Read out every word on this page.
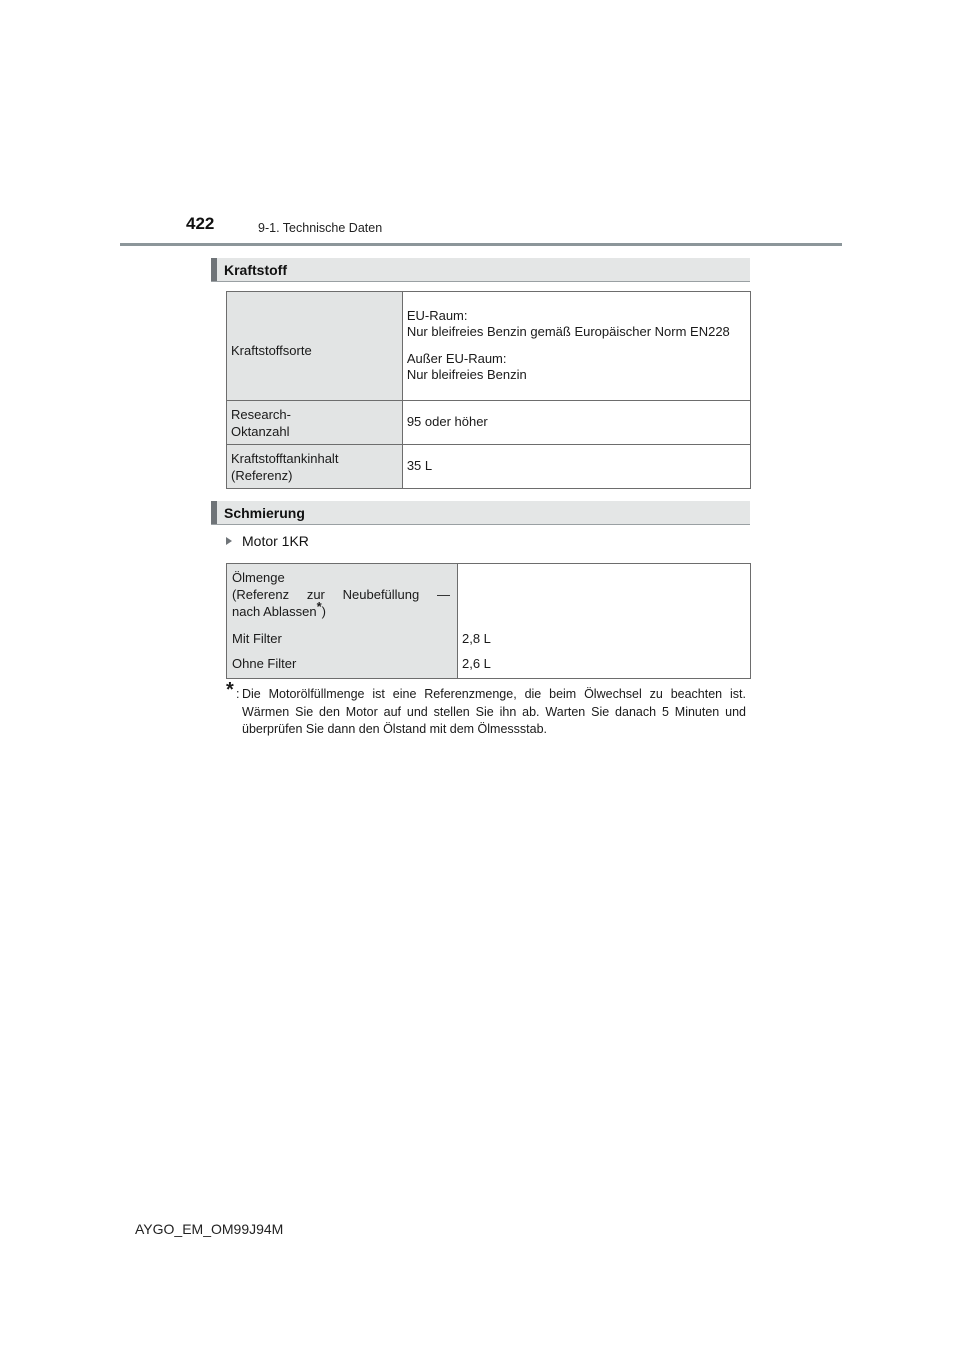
422	9-1. Technische Daten
Kraftstoff
Kraftstoffsorte	EU-Raum:

Nur bleifreies Benzin gemäß Europäischer Norm EN228

Außer EU-Raum:

Nur bleifreies Benzin

Research-
Oktanzahl	95 oder höher

Kraftstofftankinhalt
(Referenz)	35 L
Schmierung
Motor 1KR
Ölmenge
(Referenz zur Neubefüllung —
nach Ablassen*)
Mit Filter	2,8 L
Ohne Filter	2,6 L
* : Die Motorölfüllmenge ist eine Referenzmenge, die beim Ölwechsel zu beachten ist. Wärmen Sie den Motor auf und stellen Sie ihn ab. Warten Sie danach 5 Minuten und überprüfen Sie dann den Ölstand mit dem Ölmessstab.
AYGO_EM_OM99J94M
